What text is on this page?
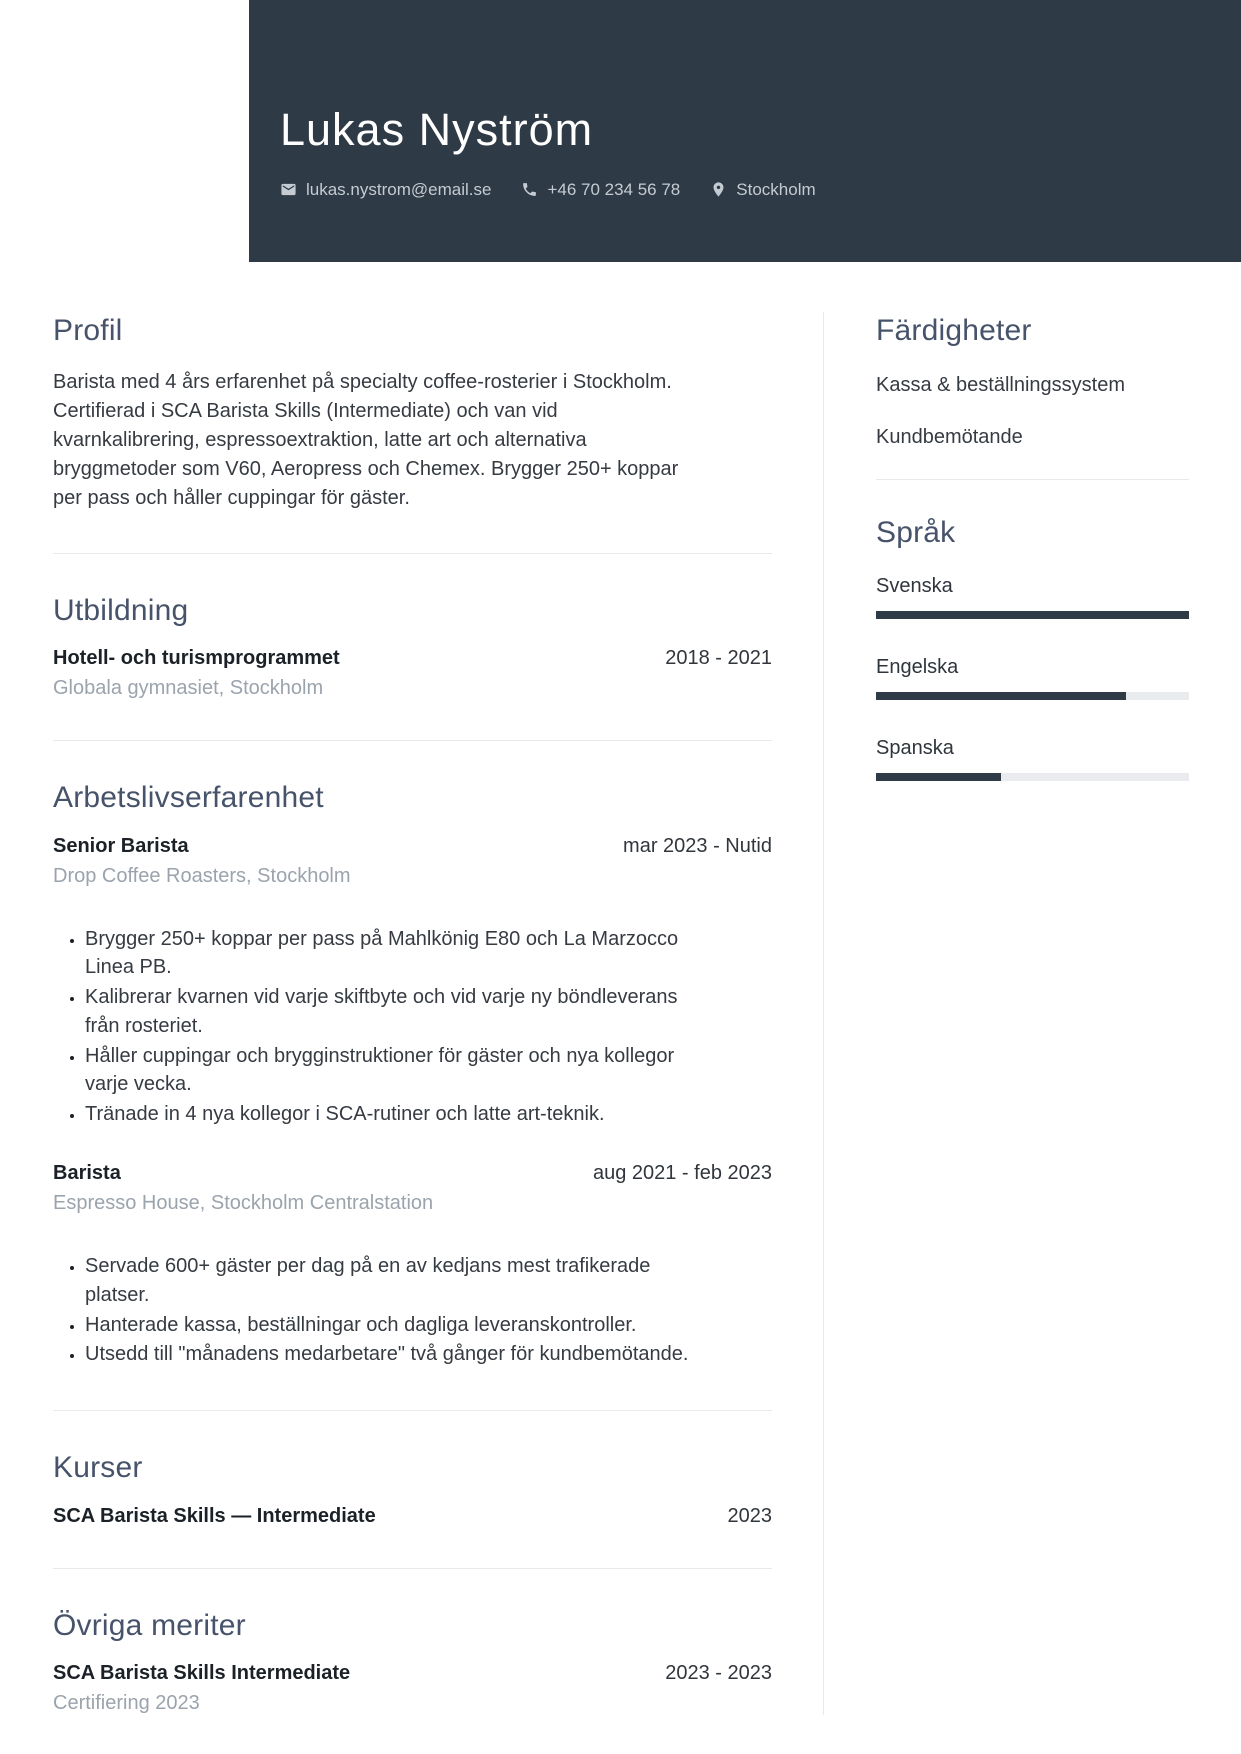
Lukas Nyström
lukas.nystrom@email.se	+46 70 234 56 78	Stockholm
Profil

Barista med 4 års erfarenhet på specialty coffee-rosterier i Stockholm. Certifierad i SCA Barista Skills (Intermediate) och van vid kvarnkalibrering, espressoextraktion, latte art och alternativa bryggmetoder som V60, Aeropress och Chemex. Brygger 250+ koppar per pass och håller cuppingar för gäster.

Utbildning
Hotell- och turismprogrammet	2018 - 2021
Globala gymnasiet, Stockholm
Arbetslivserfarenhet
Senior Barista	mar 2023 - Nutid
Drop Coffee Roasters, Stockholm
• Brygger 250+ koppar per pass på Mahlkönig E80 och La Marzocco Linea PB.
• Kalibrerar kvarnen vid varje skiftbyte och vid varje ny böndleverans från rosteriet.
• Håller cuppingar och brygginstruktioner för gäster och nya kollegor varje vecka.
• Tränade in 4 nya kollegor i SCA-rutiner och latte art-teknik.
Barista	aug 2021 - feb 2023
Espresso House, Stockholm Centralstation
• Servade 600+ gäster per dag på en av kedjans mest trafikerade platser.
• Hanterade kassa, beställningar och dagliga leveranskontroller.
• Utsedd till "månadens medarbetare" två gånger för kundbemötande.
Kurser
SCA Barista Skills — Intermediate	2023
Övriga meriter
SCA Barista Skills Intermediate	2023 - 2023
Certifiering 2023
Färdigheter
Kassa & beställningssystem
Kundbemötande
Språk
Svenska
Engelska
Spanska
